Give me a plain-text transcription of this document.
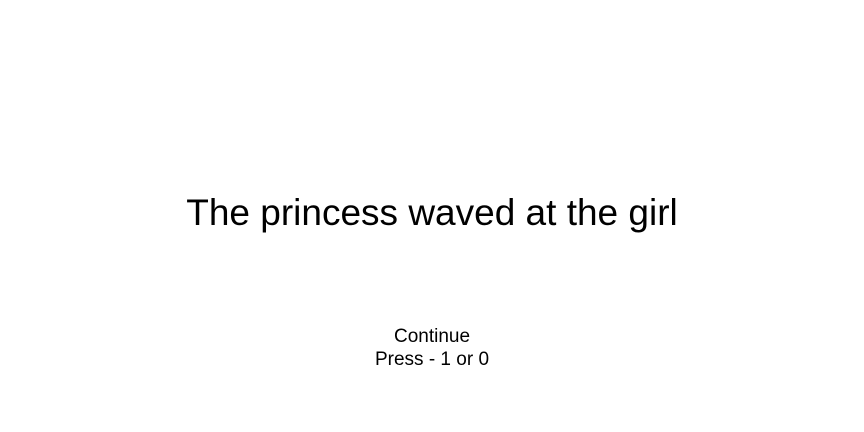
The princess waved at the girl
Continue
Press - 1 or 0
